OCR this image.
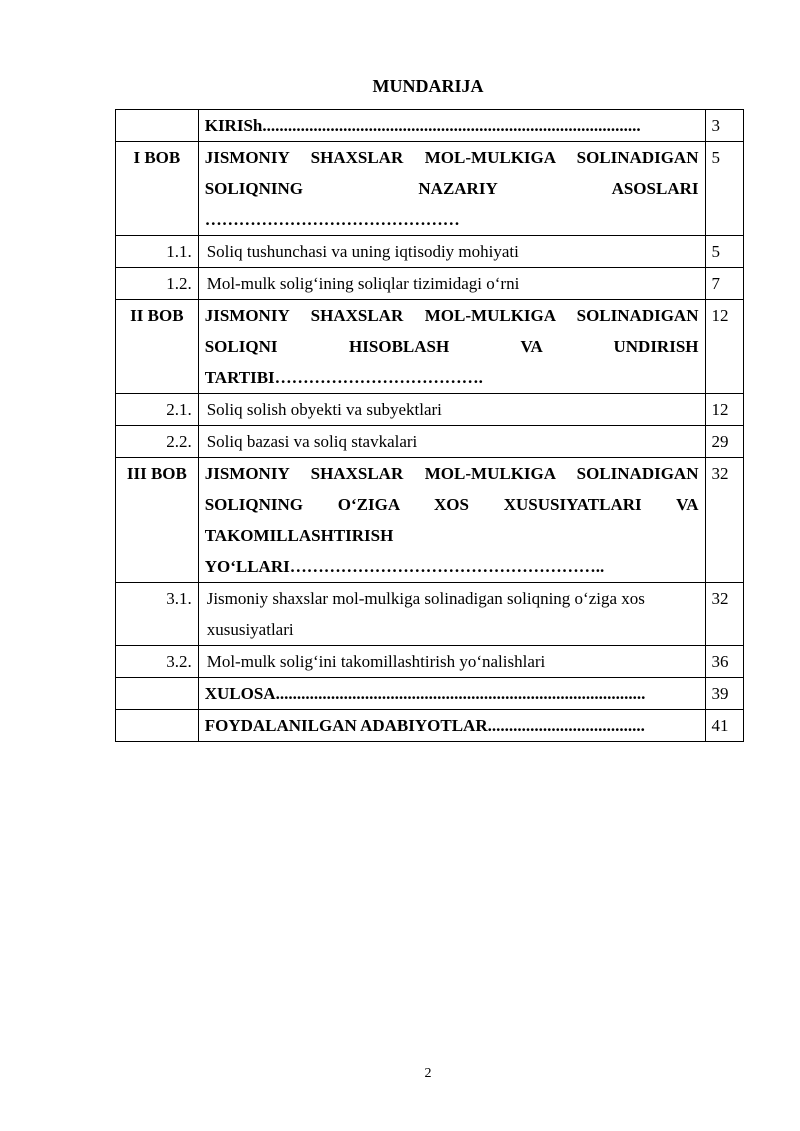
MUNDARIJA

	KIRISh.........................................................................................	3
I BOB	JISMONIY SHAXSLAR MOL-MULKIGA SOLINADIGAN SOLIQNING NAZARIY ASOSLARI ………………………………………	5
1.1.	Soliq tushunchasi va uning iqtisodiy mohiyati	5
1.2.	Mol-mulk solig‘ining soliqlar tizimidagi o‘rni	7
II BOB	JISMONIY SHAXSLAR MOL-MULKIGA SOLINADIGAN SOLIQNI HISOBLASH VA UNDIRISH TARTIBI……………………………….	12
2.1.	Soliq solish obyekti va subyektlari	12
2.2.	Soliq bazasi va soliq stavkalari	29
III BOB	JISMONIY SHAXSLAR MOL-MULKIGA SOLINADIGAN SOLIQNING O‘ZIGA XOS XUSUSIYATLARI VA TAKOMILLASHTIRISH YO‘LLARI………………………………………………..	32
3.1.	Jismoniy shaxslar mol-mulkiga solinadigan soliqning o‘ziga xos xususiyatlari	32
3.2.	Mol-mulk solig‘ini takomillashtirish yo‘nalishlari	36

	XULOSA.......................................................................................	39

	FOYDALANILGAN ADABIYOTLAR.....................................	41
2
